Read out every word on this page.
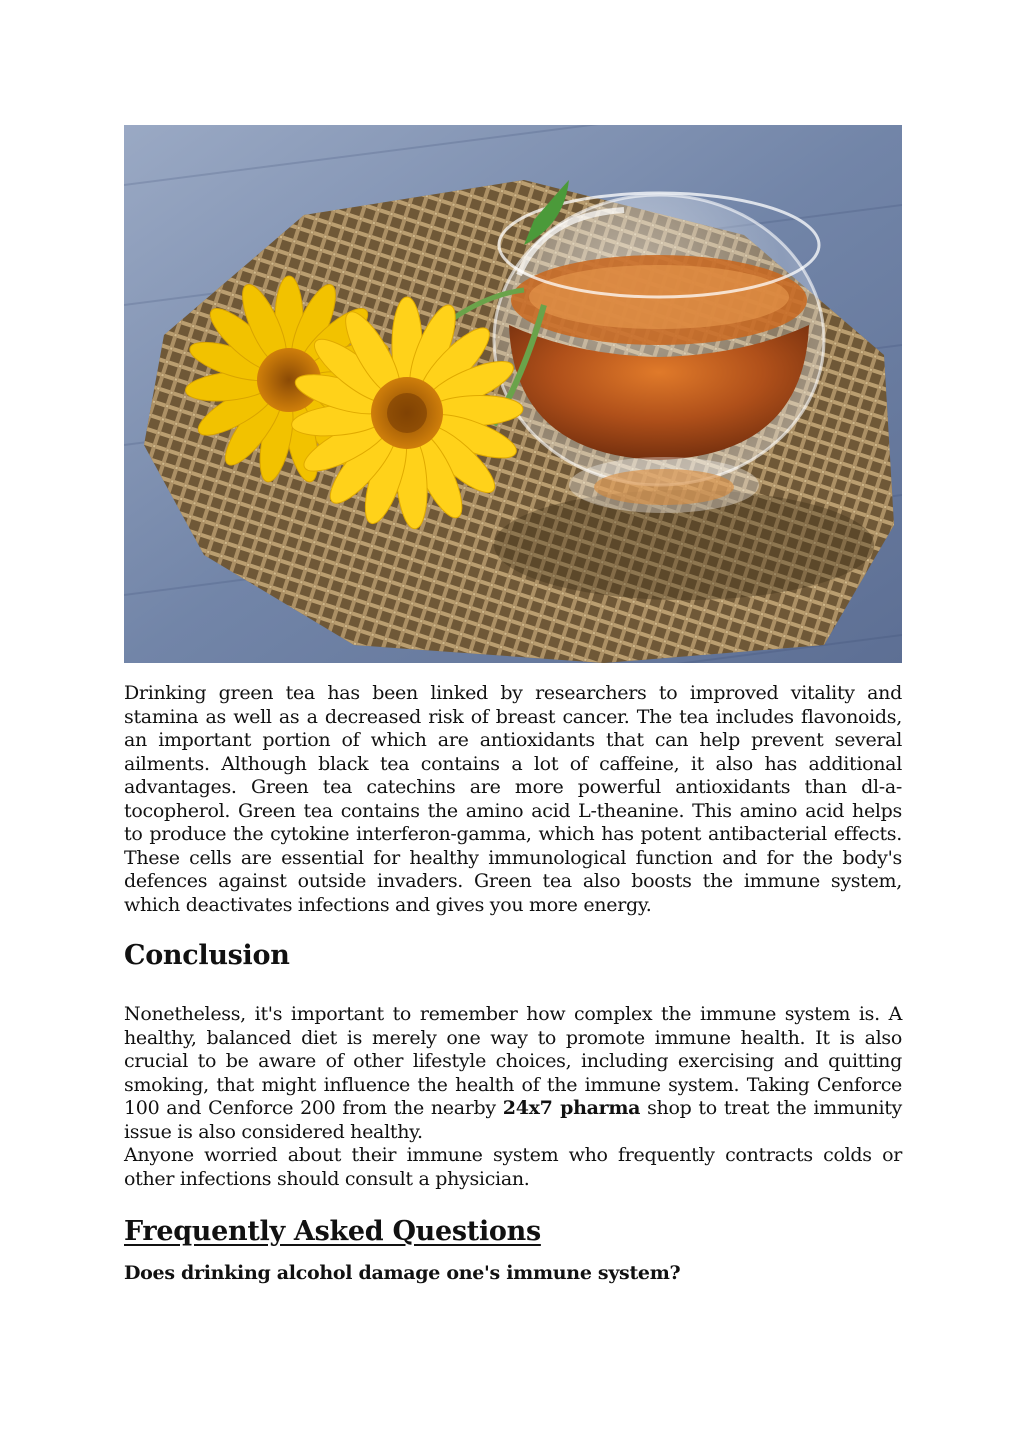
Drinking green tea has been linked by researchers to improved vitality and stamina as well as a decreased risk of breast cancer. The tea includes flavonoids, an important portion of which are antioxidants that can help prevent several ailments. Although black tea contains a lot of caffeine, it also has additional advantages. Green tea catechins are more powerful antioxidants than dl-a-tocopherol. Green tea contains the amino acid L-theanine. This amino acid helps to produce the cytokine interferon-gamma, which has potent antibacterial effects. These cells are essential for healthy immunological function and for the body's defences against outside invaders. Green tea also boosts the immune system, which deactivates infections and gives you more energy.

Conclusion

Nonetheless, it's important to remember how complex the immune system is. A healthy, balanced diet is merely one way to promote immune health. It is also crucial to be aware of other lifestyle choices, including exercising and quitting smoking, that might influence the health of the immune system. Taking Cenforce 100 and Cenforce 200 from the nearby 24x7 pharma shop to treat the immunity issue is also considered healthy.

Anyone worried about their immune system who frequently contracts colds or other infections should consult a physician.

Frequently Asked Questions

Does drinking alcohol damage one's immune system?
